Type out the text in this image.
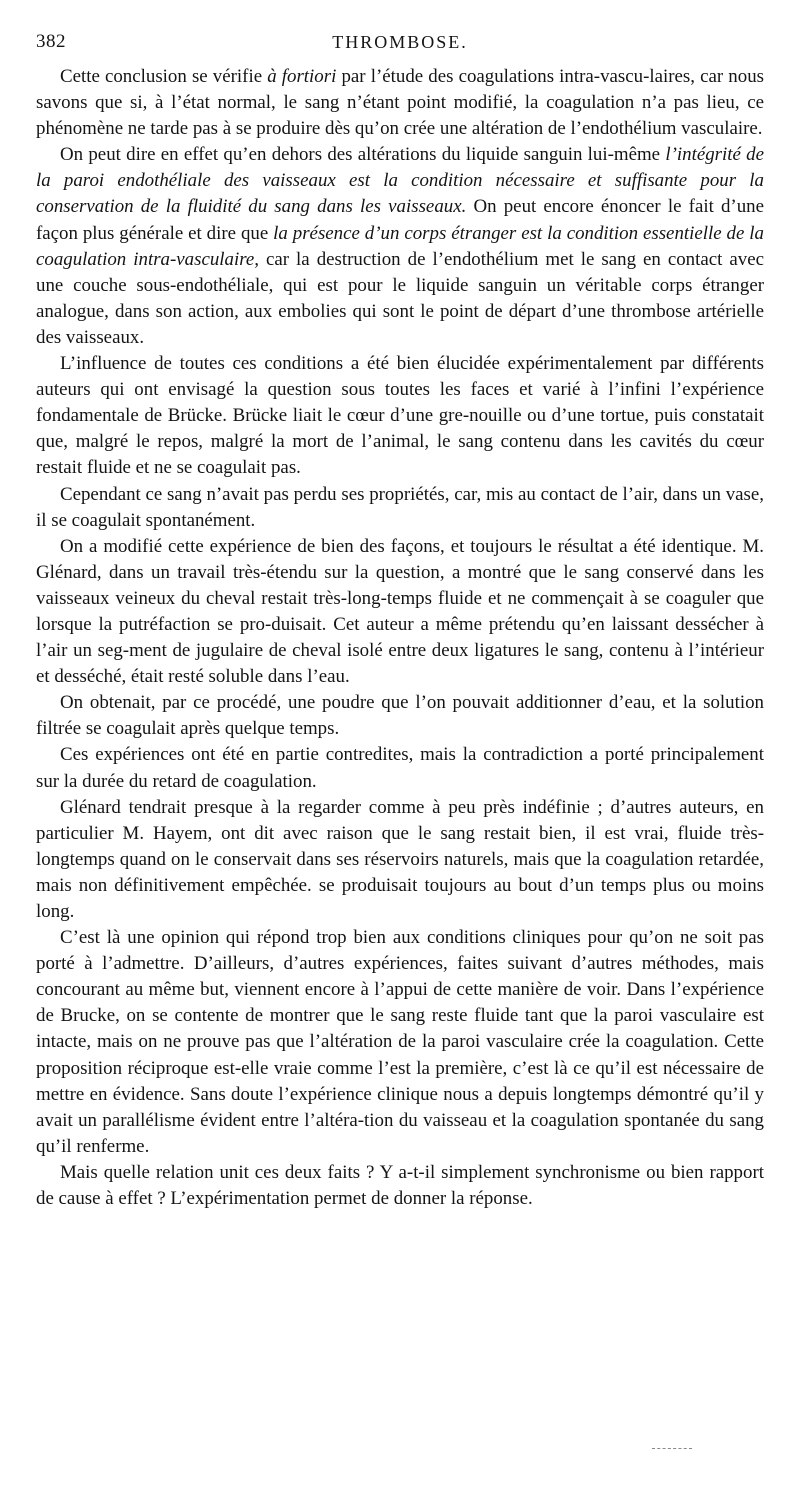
382	THROMBOSE.

Cette conclusion se vérifie à fortiori par l’étude des coagulations intra-vascu-laires, car nous savons que si, à l’état normal, le sang n’étant point modifié, la coagulation n’a pas lieu, ce phénomène ne tarde pas à se produire dès qu’on crée une altération de l’endothélium vasculaire.

On peut dire en effet qu’en dehors des altérations du liquide sanguin lui-même l’intégrité de la paroi endothéliale des vaisseaux est la condition nécessaire et suffisante pour la conservation de la fluidité du sang dans les vaisseaux. On peut encore énoncer le fait d’une façon plus générale et dire que la présence d’un corps étranger est la condition essentielle de la coagulation intra-vasculaire, car la destruction de l’endothélium met le sang en contact avec une couche sous-endothéliale, qui est pour le liquide sanguin un véritable corps étranger analogue, dans son action, aux embolies qui sont le point de départ d’une thrombose artérielle des vaisseaux.

L’influence de toutes ces conditions a été bien élucidée expérimentalement par différents auteurs qui ont envisagé la question sous toutes les faces et varié à l’infini l’expérience fondamentale de Brücke. Brücke liait le cœur d’une gre-nouille ou d’une tortue, puis constatait que, malgré le repos, malgré la mort de l’animal, le sang contenu dans les cavités du cœur restait fluide et ne se coagulait pas.

Cependant ce sang n’avait pas perdu ses propriétés, car, mis au contact de l’air, dans un vase, il se coagulait spontanément.

On a modifié cette expérience de bien des façons, et toujours le résultat a été identique. M. Glénard, dans un travail très-étendu sur la question, a montré que le sang conservé dans les vaisseaux veineux du cheval restait très-long-temps fluide et ne commençait à se coaguler que lorsque la putréfaction se pro-duisait. Cet auteur a même prétendu qu’en laissant dessécher à l’air un seg-ment de jugulaire de cheval isolé entre deux ligatures le sang, contenu à l’intérieur et desséché, était resté soluble dans l’eau.

On obtenait, par ce procédé, une poudre que l’on pouvait additionner d’eau, et la solution filtrée se coagulait après quelque temps.

Ces expériences ont été en partie contredites, mais la contradiction a porté principalement sur la durée du retard de coagulation.

Glénard tendrait presque à la regarder comme à peu près indéfinie ; d’autres auteurs, en particulier M. Hayem, ont dit avec raison que le sang restait bien, il est vrai, fluide très-longtemps quand on le conservait dans ses réservoirs naturels, mais que la coagulation retardée, mais non définitivement empêchée. se produisait toujours au bout d’un temps plus ou moins long.

C’est là une opinion qui répond trop bien aux conditions cliniques pour qu’on ne soit pas porté à l’admettre. D’ailleurs, d’autres expériences, faites suivant d’autres méthodes, mais concourant au même but, viennent encore à l’appui de cette manière de voir. Dans l’expérience de Brucke, on se contente de montrer que le sang reste fluide tant que la paroi vasculaire est intacte, mais on ne prouve pas que l’altération de la paroi vasculaire crée la coagulation. Cette proposition réciproque est-elle vraie comme l’est la première, c’est là ce qu’il est nécessaire de mettre en évidence. Sans doute l’expérience clinique nous a depuis longtemps démontré qu’il y avait un parallélisme évident entre l’altéra-tion du vaisseau et la coagulation spontanée du sang qu’il renferme.

Mais quelle relation unit ces deux faits ? Y a-t-il simplement synchronisme ou bien rapport de cause à effet ? L’expérimentation permet de donner la réponse.
